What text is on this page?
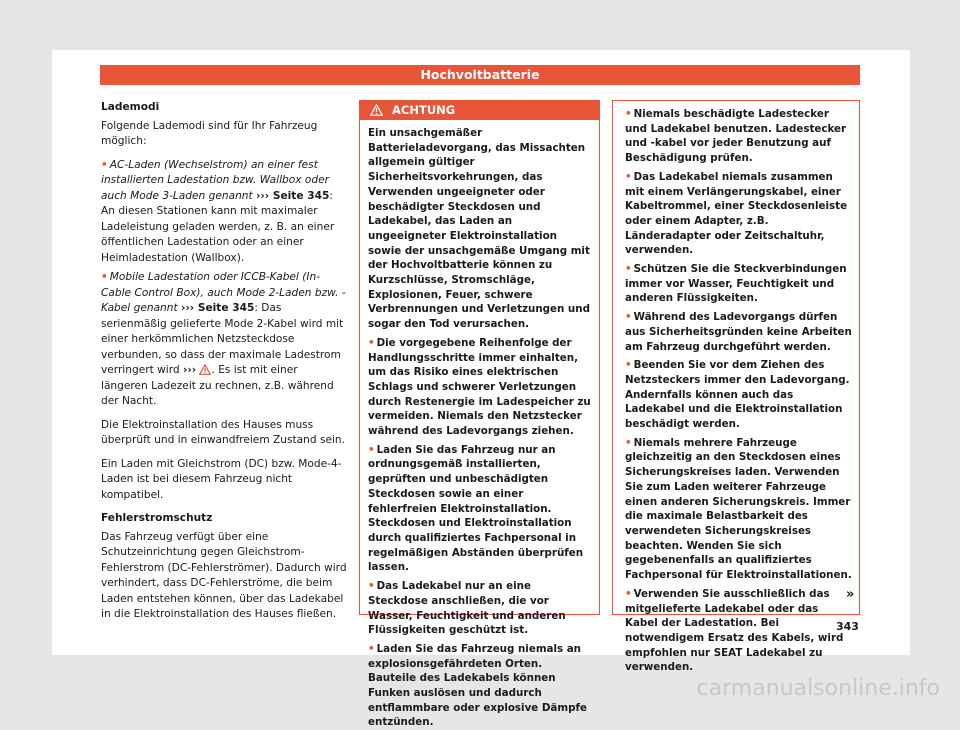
Hochvoltbatterie
Lademodi

Folgende Lademodi sind für Ihr Fahrzeug möglich:

• AC-Laden (Wechselstrom) an einer fest installierten Ladestation bzw. Wallbox oder auch Mode 3-Laden genannt ››› Seite 345: An diesen Stationen kann mit maximaler Ladeleistung geladen werden, z. B. an einer öffentlichen Ladestation oder an einer Heimladestation (Wallbox).

• Mobile Ladestation oder ICCB-Kabel (In-Cable Control Box), auch Mode 2-Laden bzw. -Kabel genannt ››› Seite 345: Das serienmäßig gelieferte Mode 2-Kabel wird mit einer herkömmlichen Netzsteckdose verbunden, so dass der maximale Ladestrom verringert wird ››› . Es ist mit einer längeren Ladezeit zu rechnen, z.B. während der Nacht.

Die Elektroinstallation des Hauses muss überprüft und in einwandfreiem Zustand sein.

Ein Laden mit Gleichstrom (DC) bzw. Mode-4-Laden ist bei diesem Fahrzeug nicht kompatibel.

Fehlerstromschutz

Das Fahrzeug verfügt über eine Schutzeinrichtung gegen Gleichstrom-Fehlerstrom (DC-Fehlerströmer). Dadurch wird verhindert, dass DC-Fehlerströme, die beim Laden entstehen können, über das Ladekabel in die Elektroinstallation des Hauses fließen.

ACHTUNG

Ein unsachgemäßer Batterieladevorgang, das Missachten allgemein gültiger Sicherheitsvorkehrungen, das Verwenden ungeeigneter oder beschädigter Steckdosen und Ladekabel, das Laden an ungeeigneter Elektroinstallation sowie der unsachgemäße Umgang mit der Hochvoltbatterie können zu Kurzschlüsse, Stromschläge, Explosionen, Feuer, schwere Verbrennungen und Verletzungen und sogar den Tod verursachen.

• Die vorgegebene Reihenfolge der Handlungsschritte immer einhalten, um das Risiko eines elektrischen Schlags und schwerer Verletzungen durch Restenergie im Ladespeicher zu vermeiden. Niemals den Netzstecker während des Ladevorgangs ziehen.

• Laden Sie das Fahrzeug nur an ordnungsgemäß installierten, geprüften und unbeschädigten Steckdosen sowie an einer fehlerfreien Elektroinstallation. Steckdosen und Elektroinstallation durch qualifiziertes Fachpersonal in regelmäßigen Abständen überprüfen lassen.

• Das Ladekabel nur an eine Steckdose anschließen, die vor Wasser, Feuchtigkeit und anderen Flüssigkeiten geschützt ist.

• Laden Sie das Fahrzeug niemals an explosionsgefährdeten Orten. Bauteile des Ladekabels können Funken auslösen und dadurch entflammbare oder explosive Dämpfe entzünden.

• Niemals beschädigte Ladestecker und Ladekabel benutzen. Ladestecker und -kabel vor jeder Benutzung auf Beschädigung prüfen.

• Das Ladekabel niemals zusammen mit einem Verlängerungskabel, einer Kabeltrommel, einer Steckdosenleiste oder einem Adapter, z.B. Länderadapter oder Zeitschaltuhr, verwenden.

• Schützen Sie die Steckverbindungen immer vor Wasser, Feuchtigkeit und anderen Flüssigkeiten.

• Während des Ladevorgangs dürfen aus Sicherheitsgründen keine Arbeiten am Fahrzeug durchgeführt werden.

• Beenden Sie vor dem Ziehen des Netzsteckers immer den Ladevorgang. Andernfalls können auch das Ladekabel und die Elektroinstallation beschädigt werden.

• Niemals mehrere Fahrzeuge gleichzeitig an den Steckdosen eines Sicherungskreises laden. Verwenden Sie zum Laden weiterer Fahrzeuge einen anderen Sicherungskreis. Immer die maximale Belastbarkeit des verwendeten Sicherungskreises beachten. Wenden Sie sich gegebenenfalls an qualifiziertes Fachpersonal für Elektroinstallationen.

• Verwenden Sie ausschließlich das mitgelieferte Ladekabel oder das Kabel der Ladestation. Bei notwendigem Ersatz des Kabels, wird empfohlen nur SEAT Ladekabel zu verwenden.

»
343
carmanualsonline.info
